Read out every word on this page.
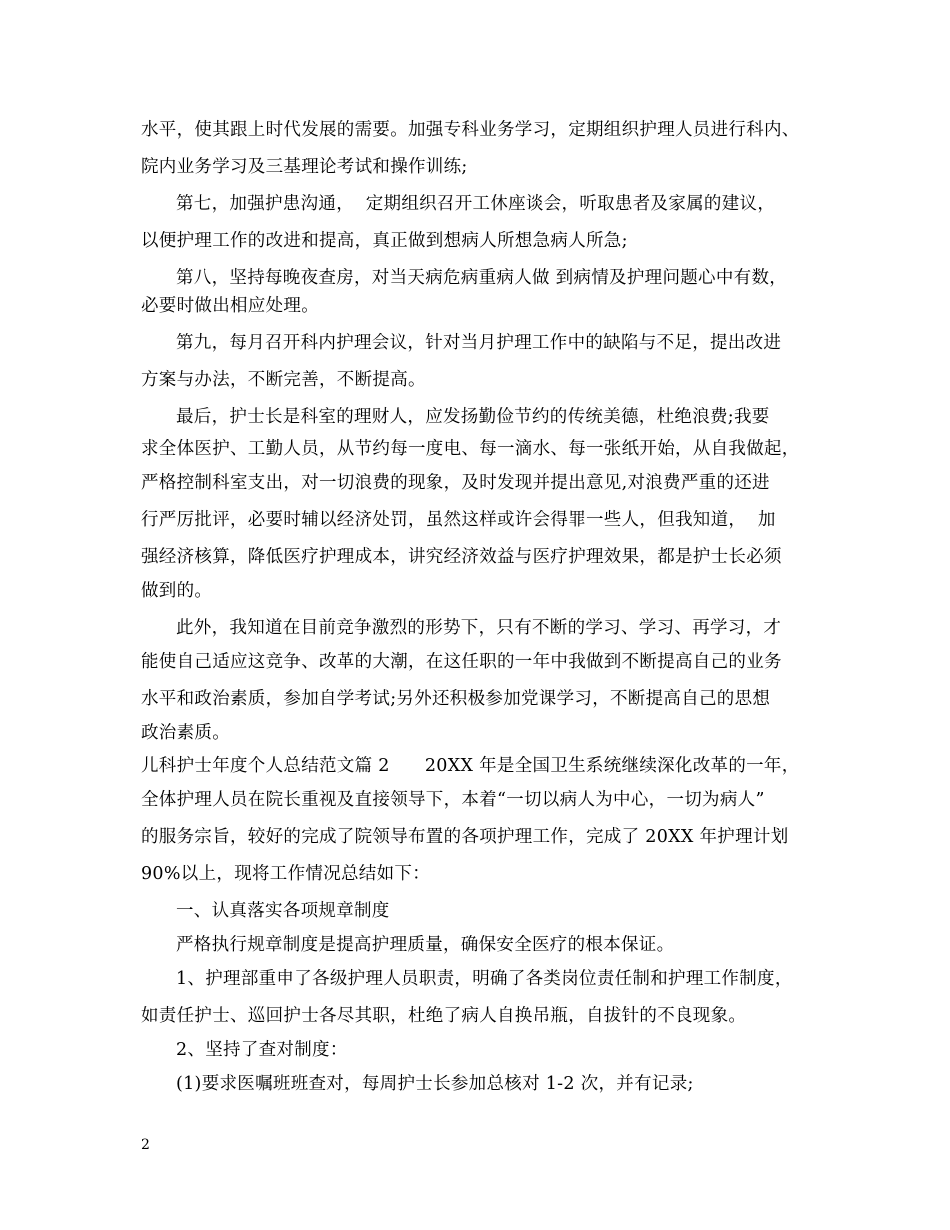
水平，使其跟上时代发展的需要。加强专科业务学习，定期组织护理人员进行科内、
院内业务学习及三基理论考试和操作训练;
第七，加强护患沟通，  定期组织召开工休座谈会，听取患者及家属的建议，
以便护理工作的改进和提高，真正做到想病人所想急病人所急;
第八，坚持每晚夜查房，对当天病危病重病人做 到病情及护理问题心中有数，
必要时做出相应处理。
第九，每月召开科内护理会议，针对当月护理工作中的缺陷与不足，提出改进
方案与办法，不断完善，不断提高。
最后，护士长是科室的理财人，应发扬勤俭节约的传统美德，杜绝浪费;我要
求全体医护、工勤人员，从节约每一度电、每一滴水、每一张纸开始，从自我做起，
严格控制科室支出，对一切浪费的现象，及时发现并提出意见,对浪费严重的还进
行严厉批评，必要时辅以经济处罚，虽然这样或许会得罪一些人，但我知道，  加
强经济核算，降低医疗护理成本，讲究经济效益与医疗护理效果，都是护士长必须
做到的。
此外，我知道在目前竞争激烈的形势下，只有不断的学习、学习、再学习，才
能使自己适应这竞争、改革的大潮，在这任职的一年中我做到不断提高自己的业务
水平和政治素质，参加自学考试;另外还积极参加党课学习，不断提高自己的思想
政治素质。
儿科护士年度个人总结范文篇 2      20XX 年是全国卫生系统继续深化改革的一年，
全体护理人员在院长重视及直接领导下，本着“一切以病人为中心，一切为病人”
的服务宗旨，较好的完成了院领导布置的各项护理工作，完成了 20XX 年护理计划
90%以上，现将工作情况总结如下：
一、认真落实各项规章制度
严格执行规章制度是提高护理质量，确保安全医疗的根本保证。
1、护理部重申了各级护理人员职责，明确了各类岗位责任制和护理工作制度，
如责任护士、巡回护士各尽其职，杜绝了病人自换吊瓶，自拔针的不良现象。
2、坚持了查对制度：
(1)要求医嘱班班查对，每周护士长参加总核对 1-2 次，并有记录;
2
